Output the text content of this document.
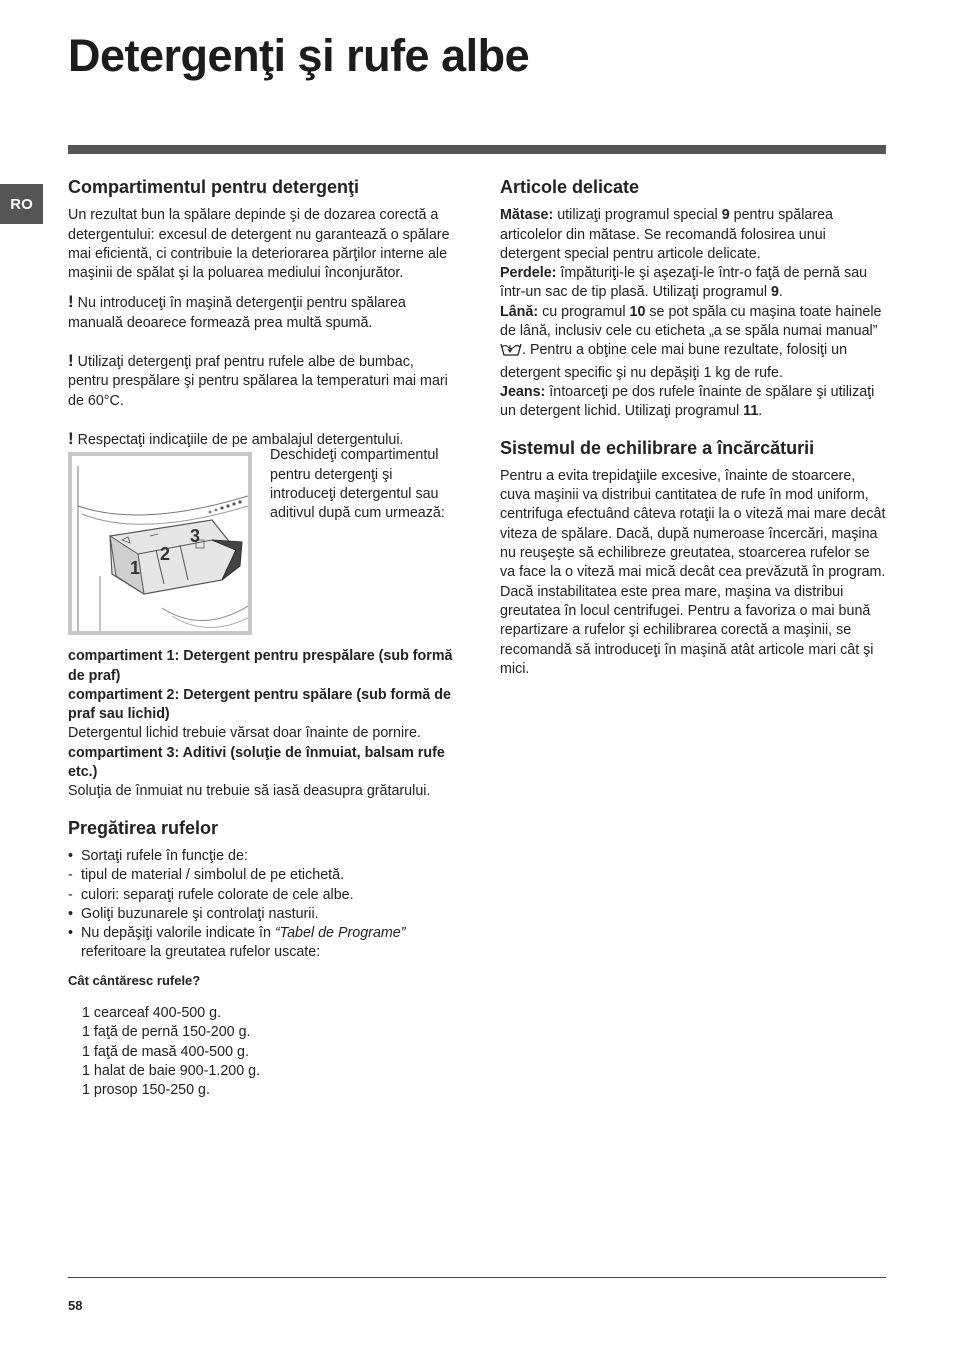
Detergenţi şi rufe albe
RO
Compartimentul pentru detergenţi

Un rezultat bun la spălare depinde şi de dozarea corectă a detergentului: excesul de detergent nu garantează o spălare mai eficientă, ci contribuie la deteriorarea părţilor interne ale maşinii de spălat şi la poluarea mediului înconjurător.

! Nu introduceţi în maşină detergenţii pentru spălarea manuală deoarece formează prea multă spumă.

! Utilizaţi detergenţi praf pentru rufele albe de bumbac, pentru prespălare şi pentru spălarea la temperaturi mai mari de 60°C.

! Respectaţi indicaţiile de pe ambalajul detergentului.

1
2
3

Deschideţi compartimentul pentru detergenţi şi introduceţi detergentul sau aditivul după cum urmează:

compartiment 1: Detergent pentru prespălare (sub formă de praf)

compartiment 2: Detergent pentru spălare (sub formă de praf sau lichid)

Detergentul lichid trebuie vărsat doar înainte de pornire.

compartiment 3: Aditivi (soluţie de înmuiat, balsam rufe etc.)

Soluţia de înmuiat nu trebuie să iasă deasupra grătarului.

Pregătirea rufelor
• Sortaţi rufele în funcţie de:
- tipul de material / simbolul de pe etichetă.
- culori: separaţi rufele colorate de cele albe.
• Goliţi buzunarele şi controlaţi nasturii.
• Nu depăşiţi valorile indicate în “Tabel de Programe” referitoare la greutatea rufelor uscate:

Cât cântăresc rufele?

1 cearceaf 400-500 g.

1 faţă de pernă 150-200 g.

1 faţă de masă 400-500 g.

1 halat de baie 900-1.200 g.

1 prosop 150-250 g.

Articole delicate

Mătase: utilizaţi programul special 9 pentru spălarea articolelor din mătase. Se recomandă folosirea unui detergent special pentru articole delicate.

Perdele: împăturiţi-le şi aşezaţi-le într-o faţă de pernă sau într-un sac de tip plasă. Utilizaţi programul 9.

Lână: cu programul 10 se pot spăla cu maşina toate hainele de lână, inclusiv cele cu eticheta „a se spăla numai manual” . Pentru a obţine cele mai bune rezultate, folosiţi un detergent specific şi nu depăşiţi 1 kg de rufe.

Jeans: întoarceţi pe dos rufele înainte de spălare şi utilizaţi un detergent lichid. Utilizaţi programul 11.

Sistemul de echilibrare a încărcăturii

Pentru a evita trepidaţiile excesive, înainte de stoarcere, cuva maşinii va distribui cantitatea de rufe în mod uniform, centrifuga efectuând câteva rotaţii la o viteză mai mare decât viteza de spălare. Dacă, după numeroase încercări, maşina nu reuşeşte să echilibreze greutatea, stoarcerea rufelor se va face la o viteză mai mică decât cea prevăzută în program. Dacă instabilitatea este prea mare, maşina va distribui greutatea în locul centrifugei. Pentru a favoriza o mai bună repartizare a rufelor şi echilibrarea corectă a maşinii, se recomandă să introduceţi în maşină atât articole mari cât şi mici.

58
